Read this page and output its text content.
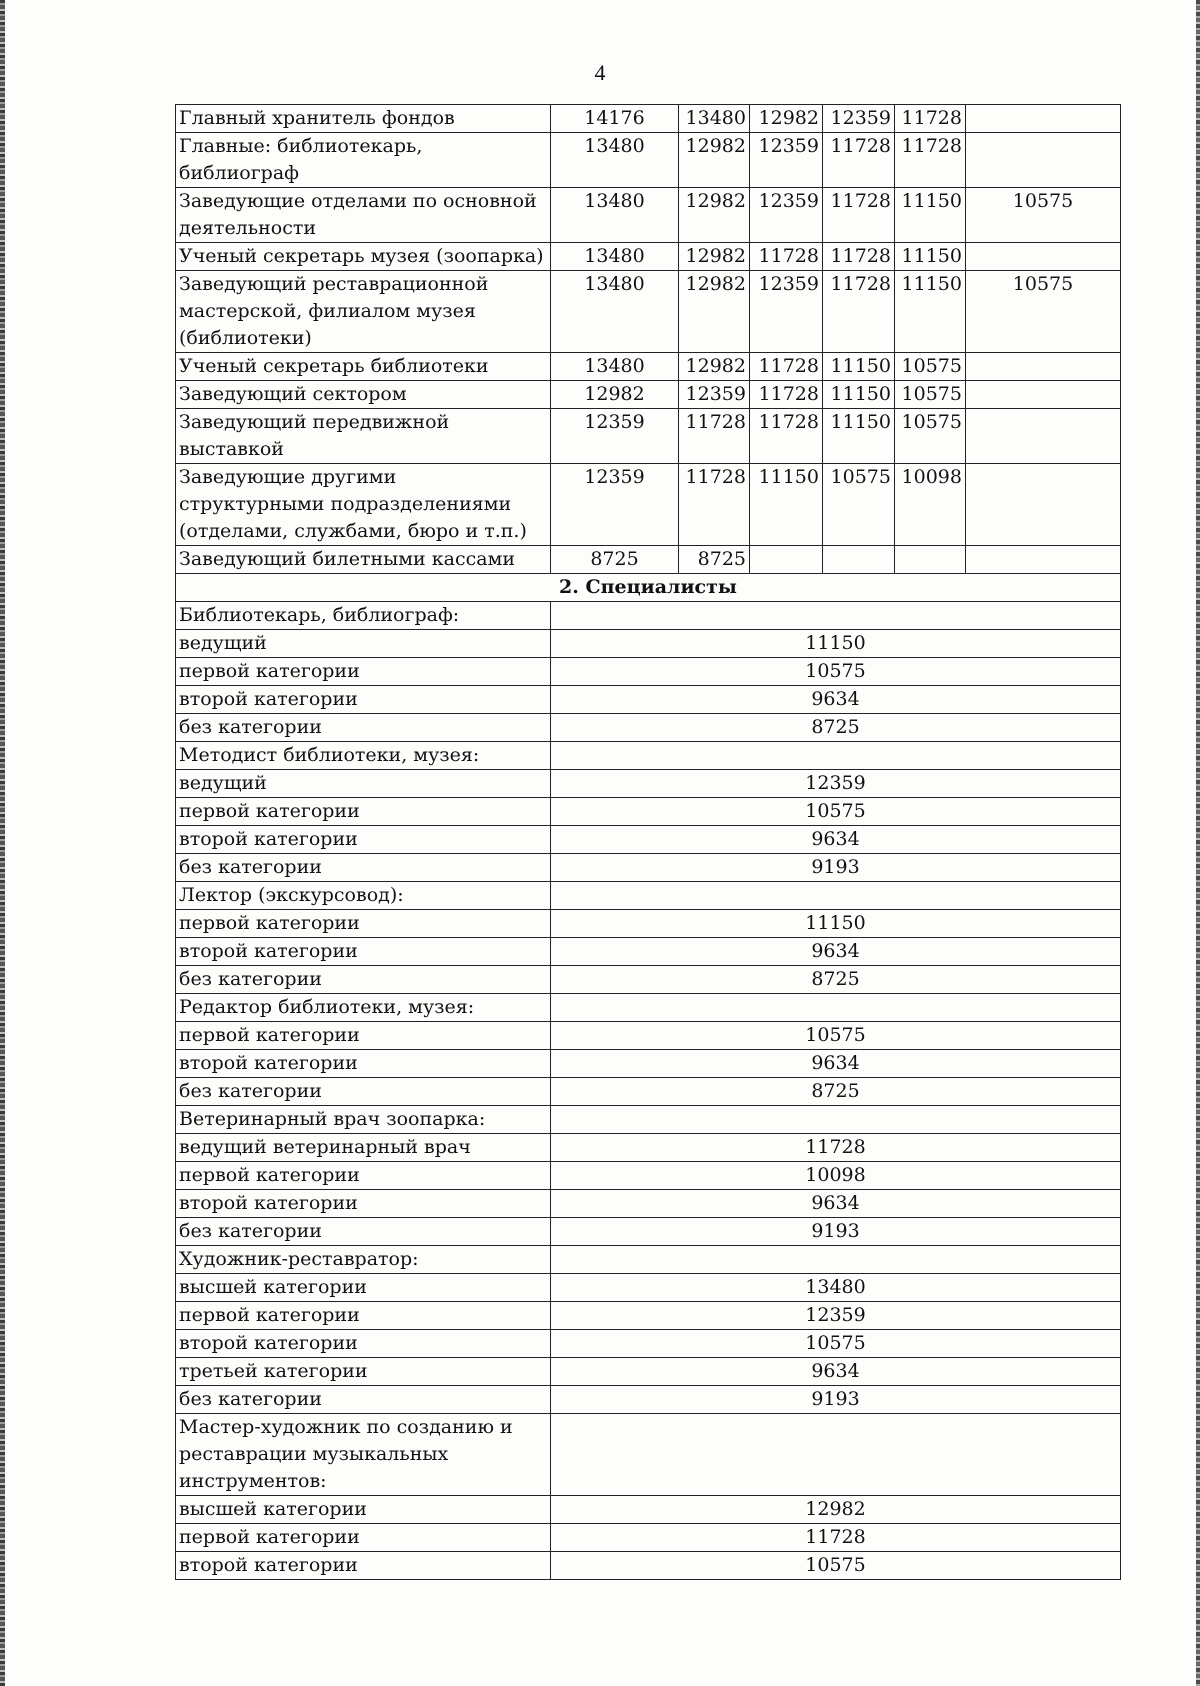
4
Главный хранитель фондов	14176	13480	12982	12359	11728	
Главные: библиотекарь, библиограф	13480	12982	12359	11728	11728	
Заведующие отделами по основной деятельности	13480	12982	12359	11728	11150	10575
Ученый секретарь музея (зоопарка)	13480	12982	11728	11728	11150	
Заведующий реставрационной мастерской, филиалом музея (библиотеки)	13480	12982	12359	11728	11150	10575
Ученый секретарь библиотеки	13480	12982	11728	11150	10575	
Заведующий сектором	12982	12359	11728	11150	10575	
Заведующий передвижной выставкой	12359	11728	11728	11150	10575	
Заведующие другими структурными подразделениями (отделами, службами, бюро и т.п.)	12359	11728	11150	10575	10098	
Заведующий билетными кассами	8725	8725				
2. Специалисты						
Библиотекарь, библиограф:						
ведущий	11150					
первой категории	10575					
второй категории	9634					
без категории	8725					
Методист библиотеки, музея:						
ведущий	12359					
первой категории	10575					
второй категории	9634					
без категории	9193					
Лектор (экскурсовод):						
первой категории	11150					
второй категории	9634					
без категории	8725					
Редактор библиотеки, музея:						
первой категории	10575					
второй категории	9634					
без категории	8725					
Ветеринарный врач зоопарка:						
ведущий ветеринарный врач	11728					
первой категории	10098					
второй категории	9634					
без категории	9193					
Художник-реставратор:						
высшей категории	13480					
первой категории	12359					
второй категории	10575					
третьей категории	9634					
без категории	9193					
Мастер-художник по созданию и реставрации музыкальных инструментов:						
высшей категории	12982					
первой категории	11728					
второй категории	10575					
